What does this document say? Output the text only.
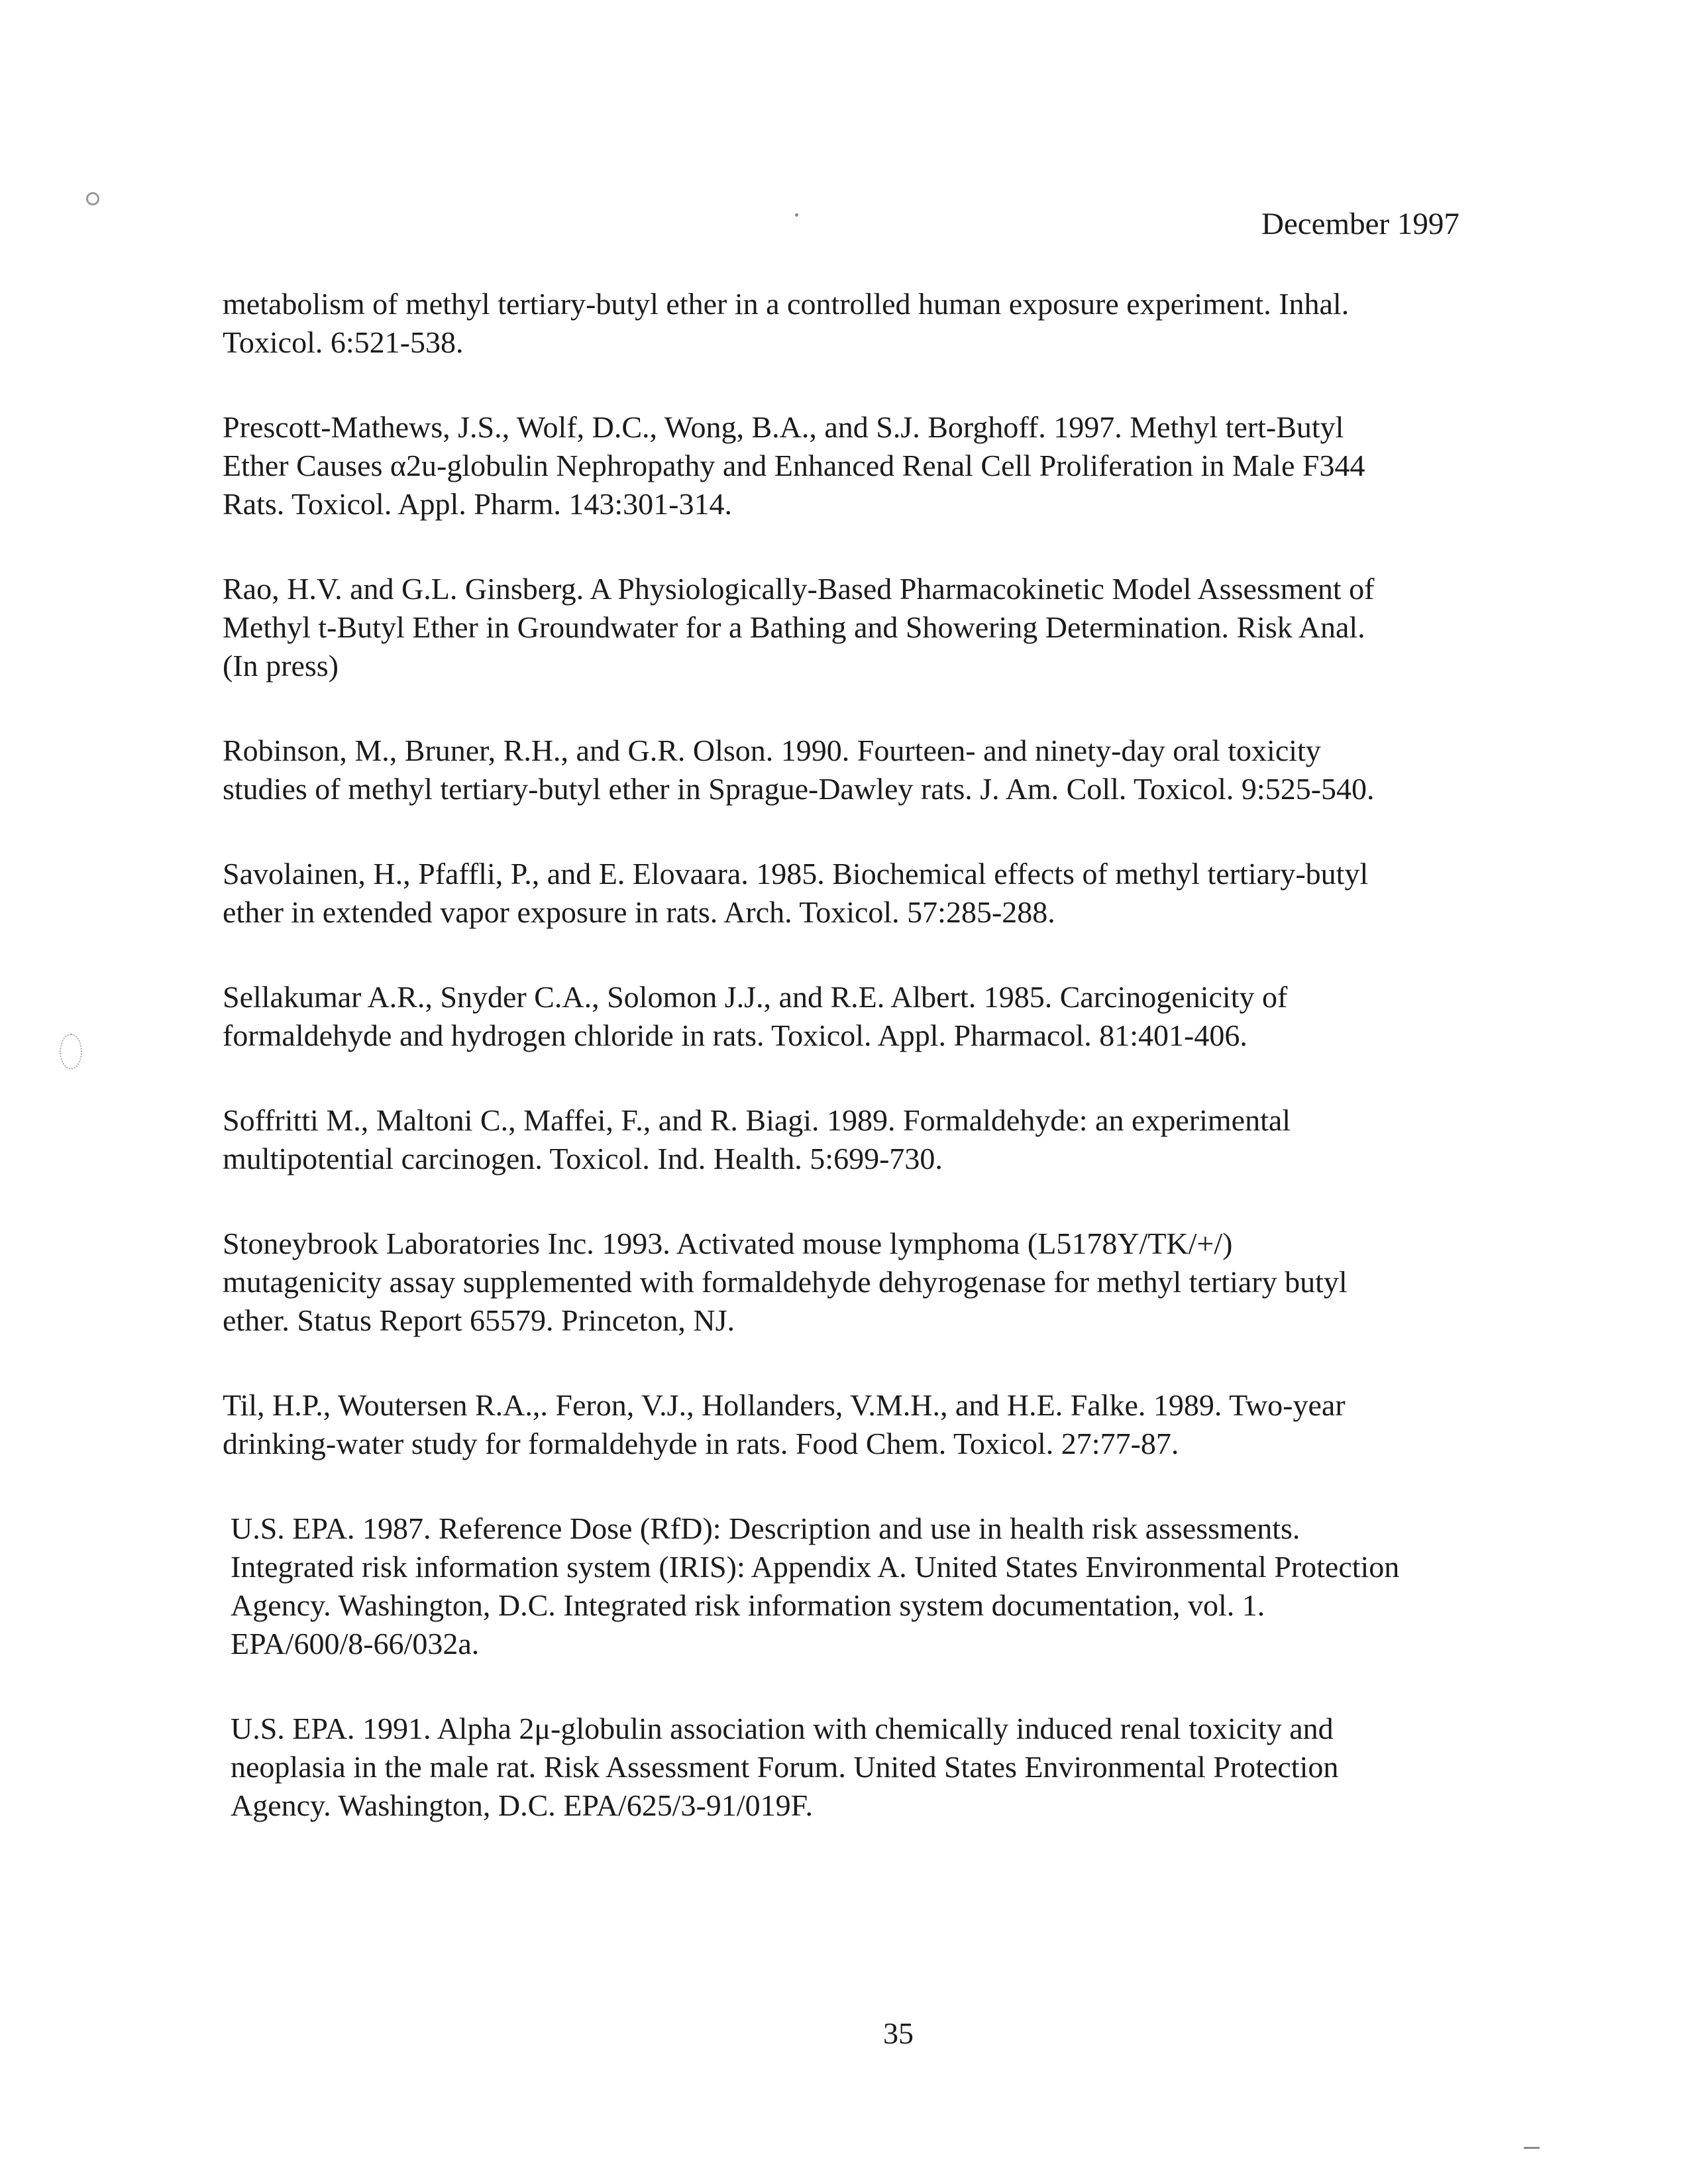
December 1997

metabolism of methyl tertiary-butyl ether in a controlled human exposure experiment. Inhal.
Toxicol. 6:521-538.

Prescott-Mathews, J.S., Wolf, D.C., Wong, B.A., and S.J. Borghoff. 1997. Methyl tert-Butyl
Ether Causes α2u-globulin Nephropathy and Enhanced Renal Cell Proliferation in Male F344
Rats. Toxicol. Appl. Pharm. 143:301-314.

Rao, H.V. and G.L. Ginsberg. A Physiologically-Based Pharmacokinetic Model Assessment of
Methyl t-Butyl Ether in Groundwater for a Bathing and Showering Determination. Risk Anal.
(In press)

Robinson, M., Bruner, R.H., and G.R. Olson. 1990. Fourteen- and ninety-day oral toxicity
studies of methyl tertiary-butyl ether in Sprague-Dawley rats. J. Am. Coll. Toxicol. 9:525-540.

Savolainen, H., Pfaffli, P., and E. Elovaara. 1985. Biochemical effects of methyl tertiary-butyl
ether in extended vapor exposure in rats. Arch. Toxicol. 57:285-288.

Sellakumar A.R., Snyder C.A., Solomon J.J., and R.E. Albert. 1985. Carcinogenicity of
formaldehyde and hydrogen chloride in rats. Toxicol. Appl. Pharmacol. 81:401-406.

Soffritti M., Maltoni C., Maffei, F., and R. Biagi. 1989. Formaldehyde: an experimental
multipotential carcinogen. Toxicol. Ind. Health. 5:699-730.

Stoneybrook Laboratories Inc. 1993. Activated mouse lymphoma (L5178Y/TK/+/)
mutagenicity assay supplemented with formaldehyde dehyrogenase for methyl tertiary butyl
ether. Status Report 65579. Princeton, NJ.

Til, H.P., Woutersen R.A.,. Feron, V.J., Hollanders, V.M.H., and H.E. Falke. 1989. Two-year
drinking-water study for formaldehyde in rats. Food Chem. Toxicol. 27:77-87.

U.S. EPA. 1987. Reference Dose (RfD): Description and use in health risk assessments.
Integrated risk information system (IRIS): Appendix A. United States Environmental Protection
Agency. Washington, D.C. Integrated risk information system documentation, vol. 1.
EPA/600/8-66/032a.

U.S. EPA. 1991. Alpha 2μ-globulin association with chemically induced renal toxicity and
neoplasia in the male rat. Risk Assessment Forum. United States Environmental Protection
Agency. Washington, D.C. EPA/625/3-91/019F.

35
